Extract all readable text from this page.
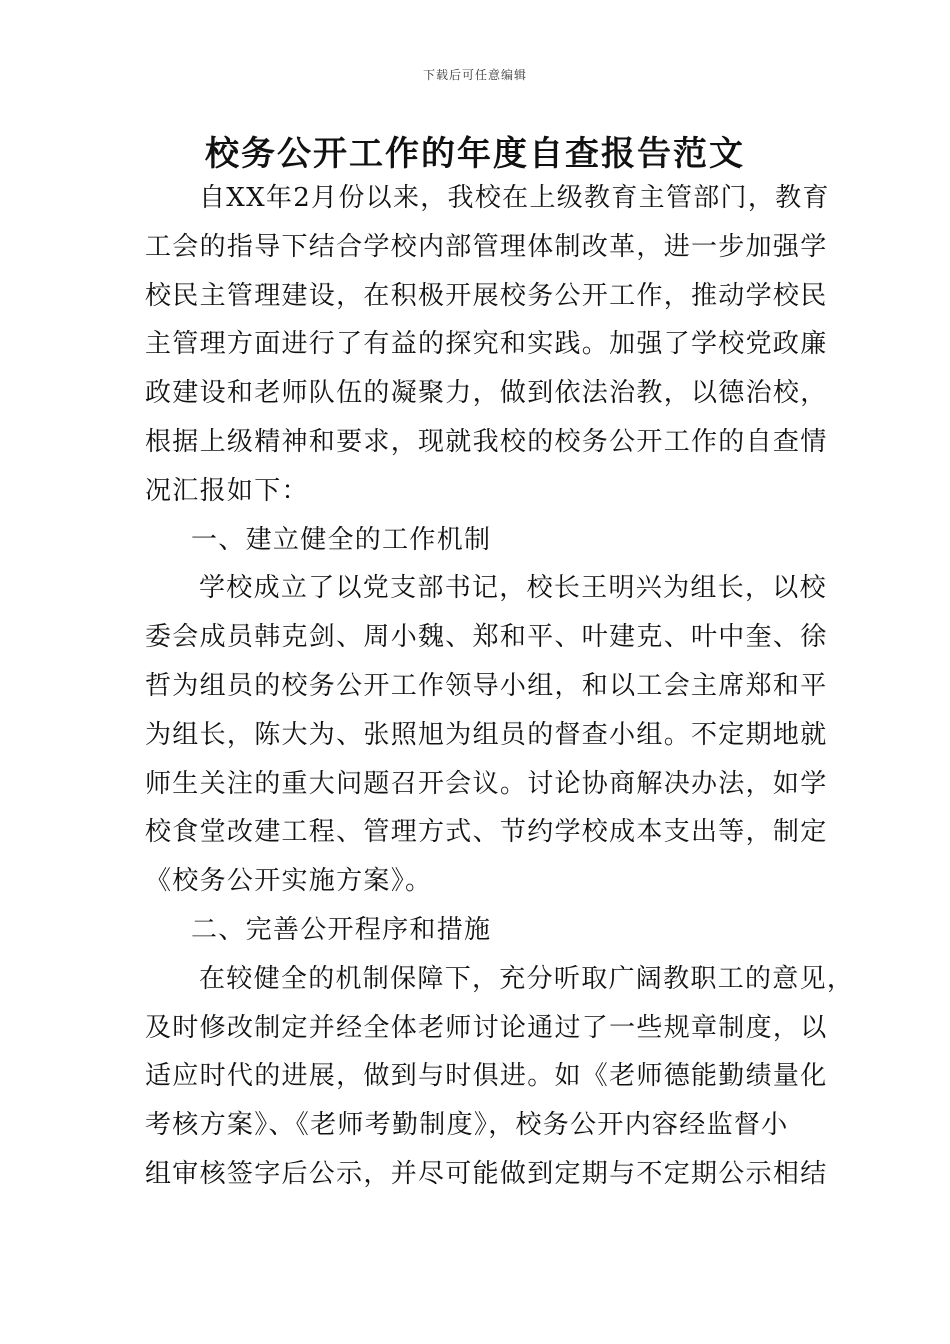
下载后可任意编辑
校务公开工作的年度自查报告范文
自XX年2月份以来，我校在上级教育主管部门，教育
工会的指导下结合学校内部管理体制改革，进一步加强学
校民主管理建设，在积极开展校务公开工作，推动学校民
主管理方面进行了有益的探究和实践。加强了学校党政廉
政建设和老师队伍的凝聚力，做到依法治教，以德治校，
根据上级精神和要求，现就我校的校务公开工作的自查情
况汇报如下：
一、建立健全的工作机制
学校成立了以党支部书记，校长王明兴为组长，以校
委会成员韩克剑、周小魏、郑和平、叶建克、叶中奎、徐
哲为组员的校务公开工作领导小组，和以工会主席郑和平
为组长，陈大为、张照旭为组员的督查小组。不定期地就
师生关注的重大问题召开会议。讨论协商解决办法，如学
校食堂改建工程、管理方式、节约学校成本支出等，制定
《校务公开实施方案》。
二、完善公开程序和措施
在较健全的机制保障下，充分听取广阔教职工的意见，
及时修改制定并经全体老师讨论通过了一些规章制度，以
适应时代的进展，做到与时俱进。如《老师德能勤绩量化
考核方案》、《老师考勤制度》，校务公开内容经监督小
组审核签字后公示，并尽可能做到定期与不定期公示相结
